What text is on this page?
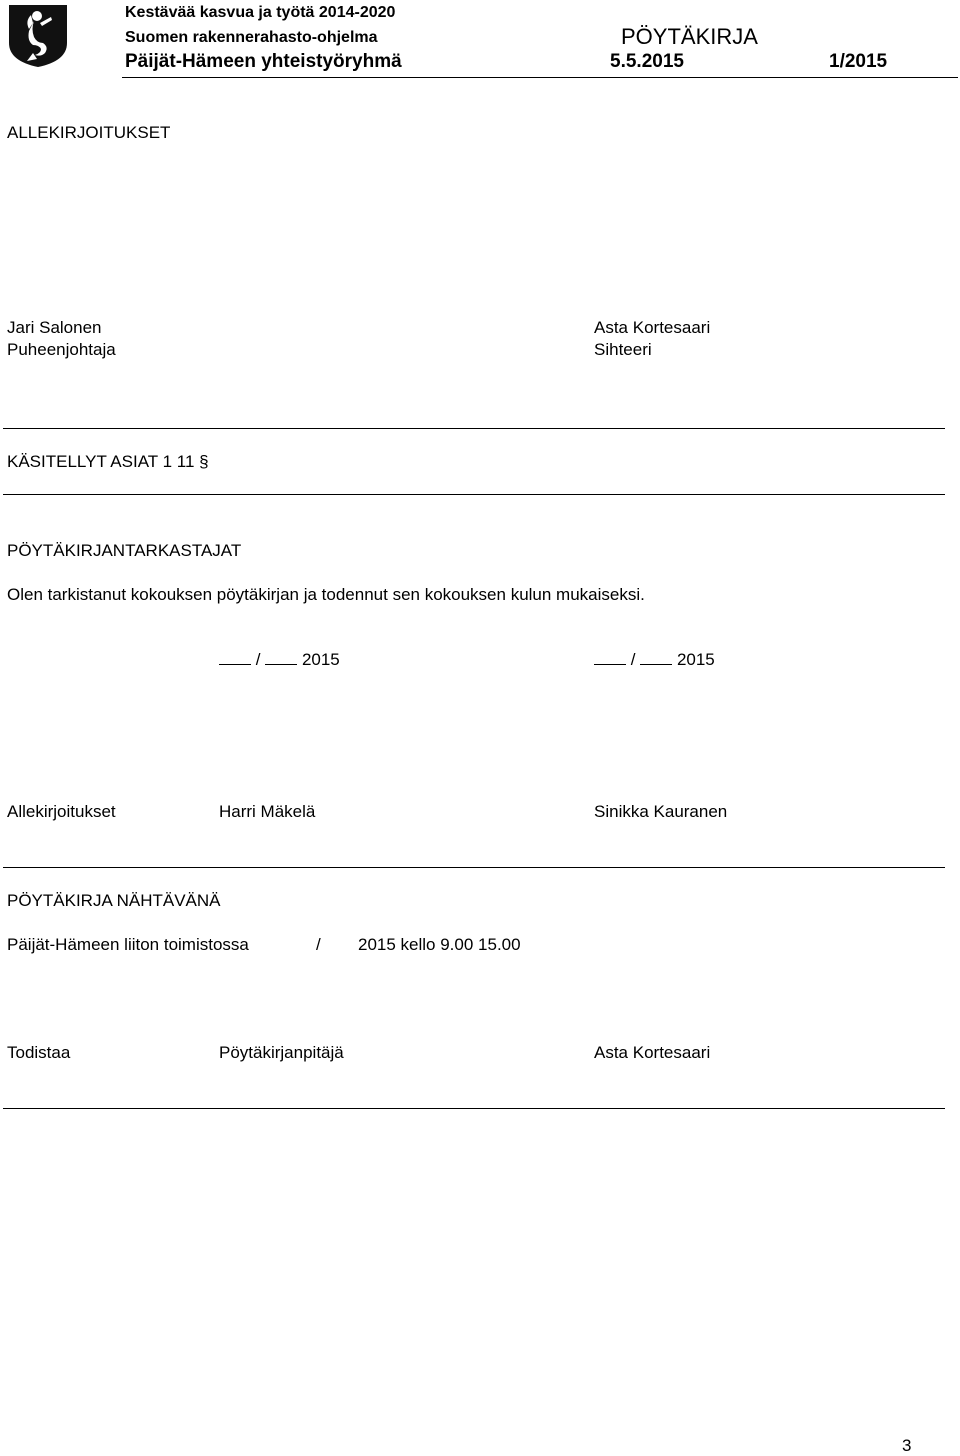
Kestävää kasvua ja työtä 2014-2020
Suomen rakennerahasto-ohjelma
Päijät-Hämeen yhteistyöryhmä
PÖYTÄKIRJA
5.5.2015	1/2015
ALLEKIRJOITUKSET
Jari Salonen
Puheenjohtaja
Asta Kortesaari
Sihteeri
KÄSITELLYT ASIAT 1 11 §
PÖYTÄKIRJANTARKASTAJAT
Olen tarkistanut kokouksen pöytäkirjan ja todennut sen kokouksen kulun mukaiseksi.
/ 2015	/ 2015
Allekirjoitukset	Harri Mäkelä	Sinikka Kauranen
PÖYTÄKIRJA NÄHTÄVÄNÄ
Päijät-Hämeen liiton toimistossa	/ 2015 kello 9.00 15.00
Todistaa	Pöytäkirjanpitäjä	Asta Kortesaari
3
